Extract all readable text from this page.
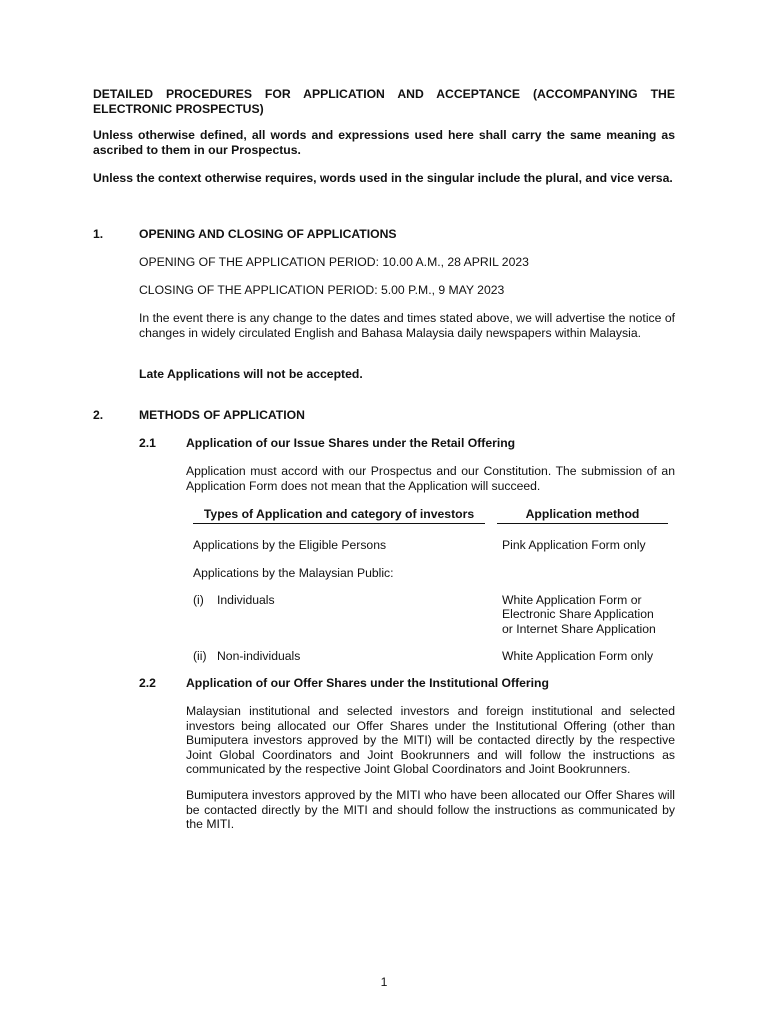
DETAILED PROCEDURES FOR APPLICATION AND ACCEPTANCE (ACCOMPANYING THE ELECTRONIC PROSPECTUS)
Unless otherwise defined, all words and expressions used here shall carry the same meaning as ascribed to them in our Prospectus.
Unless the context otherwise requires, words used in the singular include the plural, and vice versa.
1.	OPENING AND CLOSING OF APPLICATIONS
OPENING OF THE APPLICATION PERIOD: 10.00 A.M., 28 APRIL 2023
CLOSING OF THE APPLICATION PERIOD: 5.00 P.M., 9 MAY 2023
In the event there is any change to the dates and times stated above, we will advertise the notice of changes in widely circulated English and Bahasa Malaysia daily newspapers within Malaysia.
Late Applications will not be accepted.
2.	METHODS OF APPLICATION
2.1 Application of our Issue Shares under the Retail Offering
Application must accord with our Prospectus and our Constitution. The submission of an Application Form does not mean that the Application will succeed.
Types of Application and category of investors	Application method
Applications by the Eligible Persons	Pink Application Form only
Applications by the Malaysian Public:
(i) Individuals	White Application Form or
Electronic Share Application
or Internet Share Application
(ii) Non-individuals	White Application Form only
2.2 Application of our Offer Shares under the Institutional Offering
Malaysian institutional and selected investors and foreign institutional and selected investors being allocated our Offer Shares under the Institutional Offering (other than Bumiputera investors approved by the MITI) will be contacted directly by the respective Joint Global Coordinators and Joint Bookrunners and will follow the instructions as communicated by the respective Joint Global Coordinators and Joint Bookrunners.
Bumiputera investors approved by the MITI who have been allocated our Offer Shares will be contacted directly by the MITI and should follow the instructions as communicated by the MITI.
1
